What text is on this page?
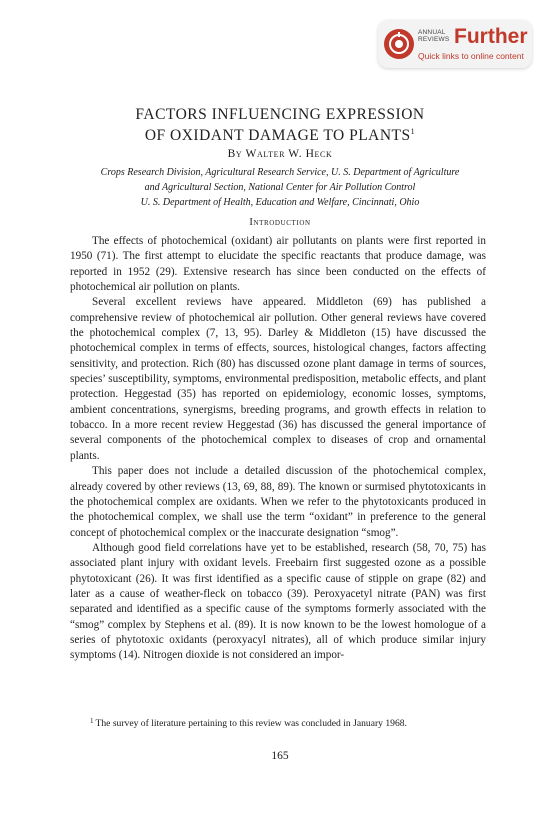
ANNUAL
REVIEWS Further
Quick links to online content
FACTORS INFLUENCING EXPRESSION
OF OXIDANT DAMAGE TO PLANTS$^1$
By Walter W. Heck
Crops Research Division, Agricultural Research Service, U. S. Department of Agriculture
and Agricultural Section, National Center for Air Pollution Control
U. S. Department of Health, Education and Welfare, Cincinnati, Ohio
Introduction

The effects of photochemical (oxidant) air pollutants on plants were first reported in 1950 (71). The first attempt to elucidate the specific reactants that produce damage, was reported in 1952 (29). Extensive research has since been conducted on the effects of photochemical air pollution on plants.

Several excellent reviews have appeared. Middleton (69) has published a comprehensive review of photochemical air pollution. Other general reviews have covered the photochemical complex (7, 13, 95). Darley & Middleton (15) have discussed the photochemical complex in terms of effects, sources, histological changes, factors affecting sensitivity, and protection. Rich (80) has discussed ozone plant damage in terms of sources, species’ susceptibility, symptoms, environmental predisposition, metabolic effects, and plant protection. Heggestad (35) has reported on epidemiology, economic losses, symptoms, ambient concentrations, synergisms, breeding programs, and growth effects in relation to tobacco. In a more recent review Heggestad (36) has discussed the general importance of several components of the photochemical complex to diseases of crop and ornamental plants.

This paper does not include a detailed discussion of the photochemical complex, already covered by other reviews (13, 69, 88, 89). The known or surmised phytotoxicants in the photochemical complex are oxidants. When we refer to the phytotoxicants produced in the photochemical complex, we shall use the term “oxidant” in preference to the general concept of photochemical complex or the inaccurate designation “smog”.

Although good field correlations have yet to be established, research (58, 70, 75) has associated plant injury with oxidant levels. Freebairn first suggested ozone as a possible phytotoxicant (26). It was first identified as a specific cause of stipple on grape (82) and later as a cause of weather-fleck on tobacco (39). Peroxyacetyl nitrate (PAN) was first separated and identified as a specific cause of the symptoms formerly associated with the “smog” complex by Stephens et al. (89). It is now known to be the lowest homologue of a series of phytotoxic oxidants (peroxyacyl nitrates), all of which produce similar injury symptoms (14). Nitrogen dioxide is not considered an impor-

$^1$ The survey of literature pertaining to this review was concluded in January 1968.
165
